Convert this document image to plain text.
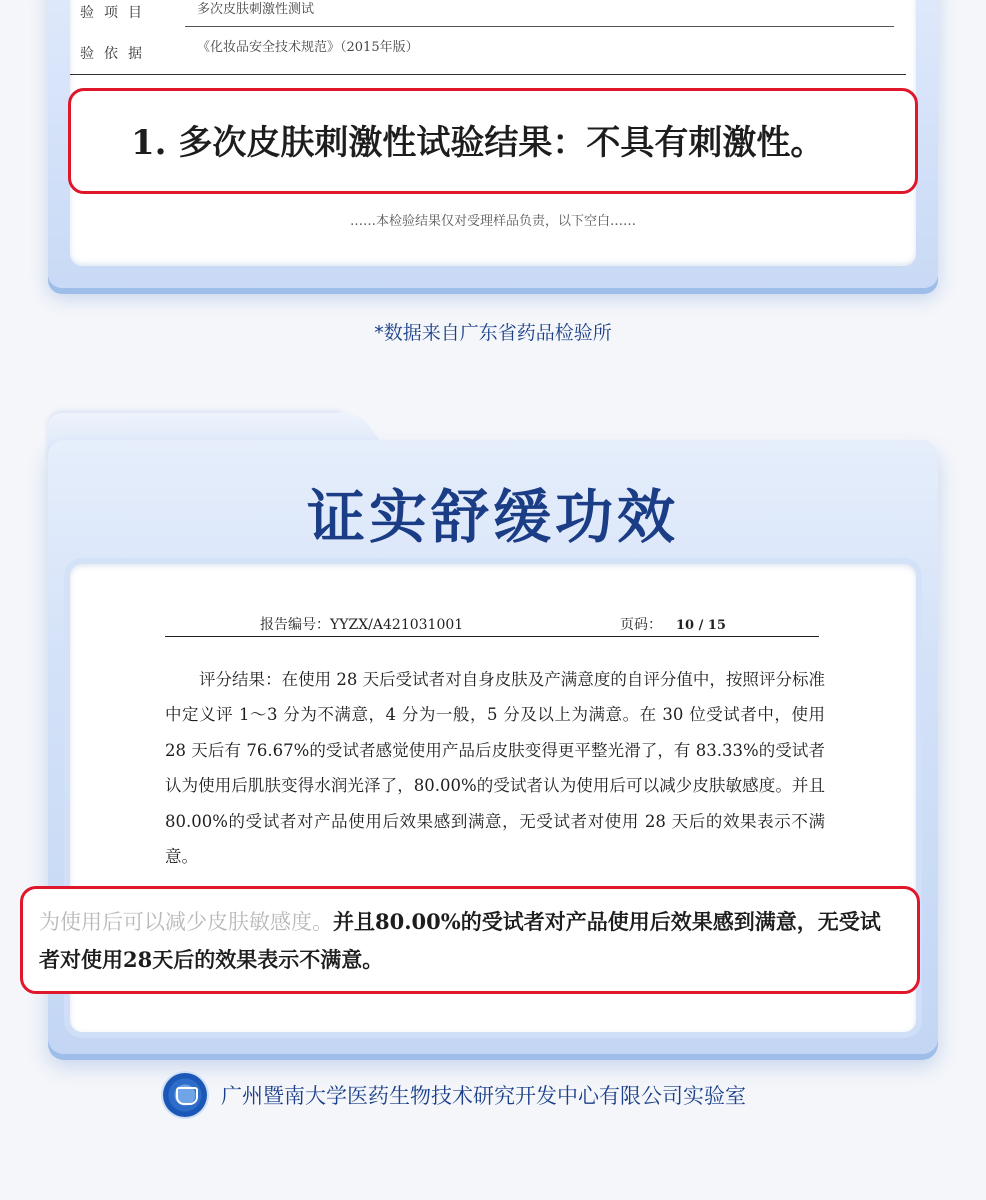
验项目	多次皮肤刺激性测试
验依据	《化妆品安全技术规范》（2015年版）
……本检验结果仅对受理样品负责，以下空白……
1. 多次皮肤刺激性试验结果：不具有刺激性。
*数据来自广东省药品检验所
证实舒缓功效
报告编号：YYZX/A421031001	页码： 10 / 15

评分结果：在使用 28 天后受试者对自身皮肤及产满意度的自评分值中，按照评分标准中定义评 1～3 分为不满意，4 分为一般，5 分及以上为满意。在 30 位受试者中，使用 28 天后有 76.67%的受试者感觉使用产品后皮肤变得更平整光滑了，有 83.33%的受试者认为使用后肌肤变得水润光泽了，80.00%的受试者认为使用后可以减少皮肤敏感度。并且 80.00%的受试者对产品使用后效果感到满意，无受试者对使用 28 天后的效果表示不满意。

为使用后可以减少皮肤敏感度。并且80.00%的受试者对产品使用后效果感到满意，无受试者对使用28天后的效果表示不满意。
广州暨南大学医药生物技术研究开发中心有限公司实验室
